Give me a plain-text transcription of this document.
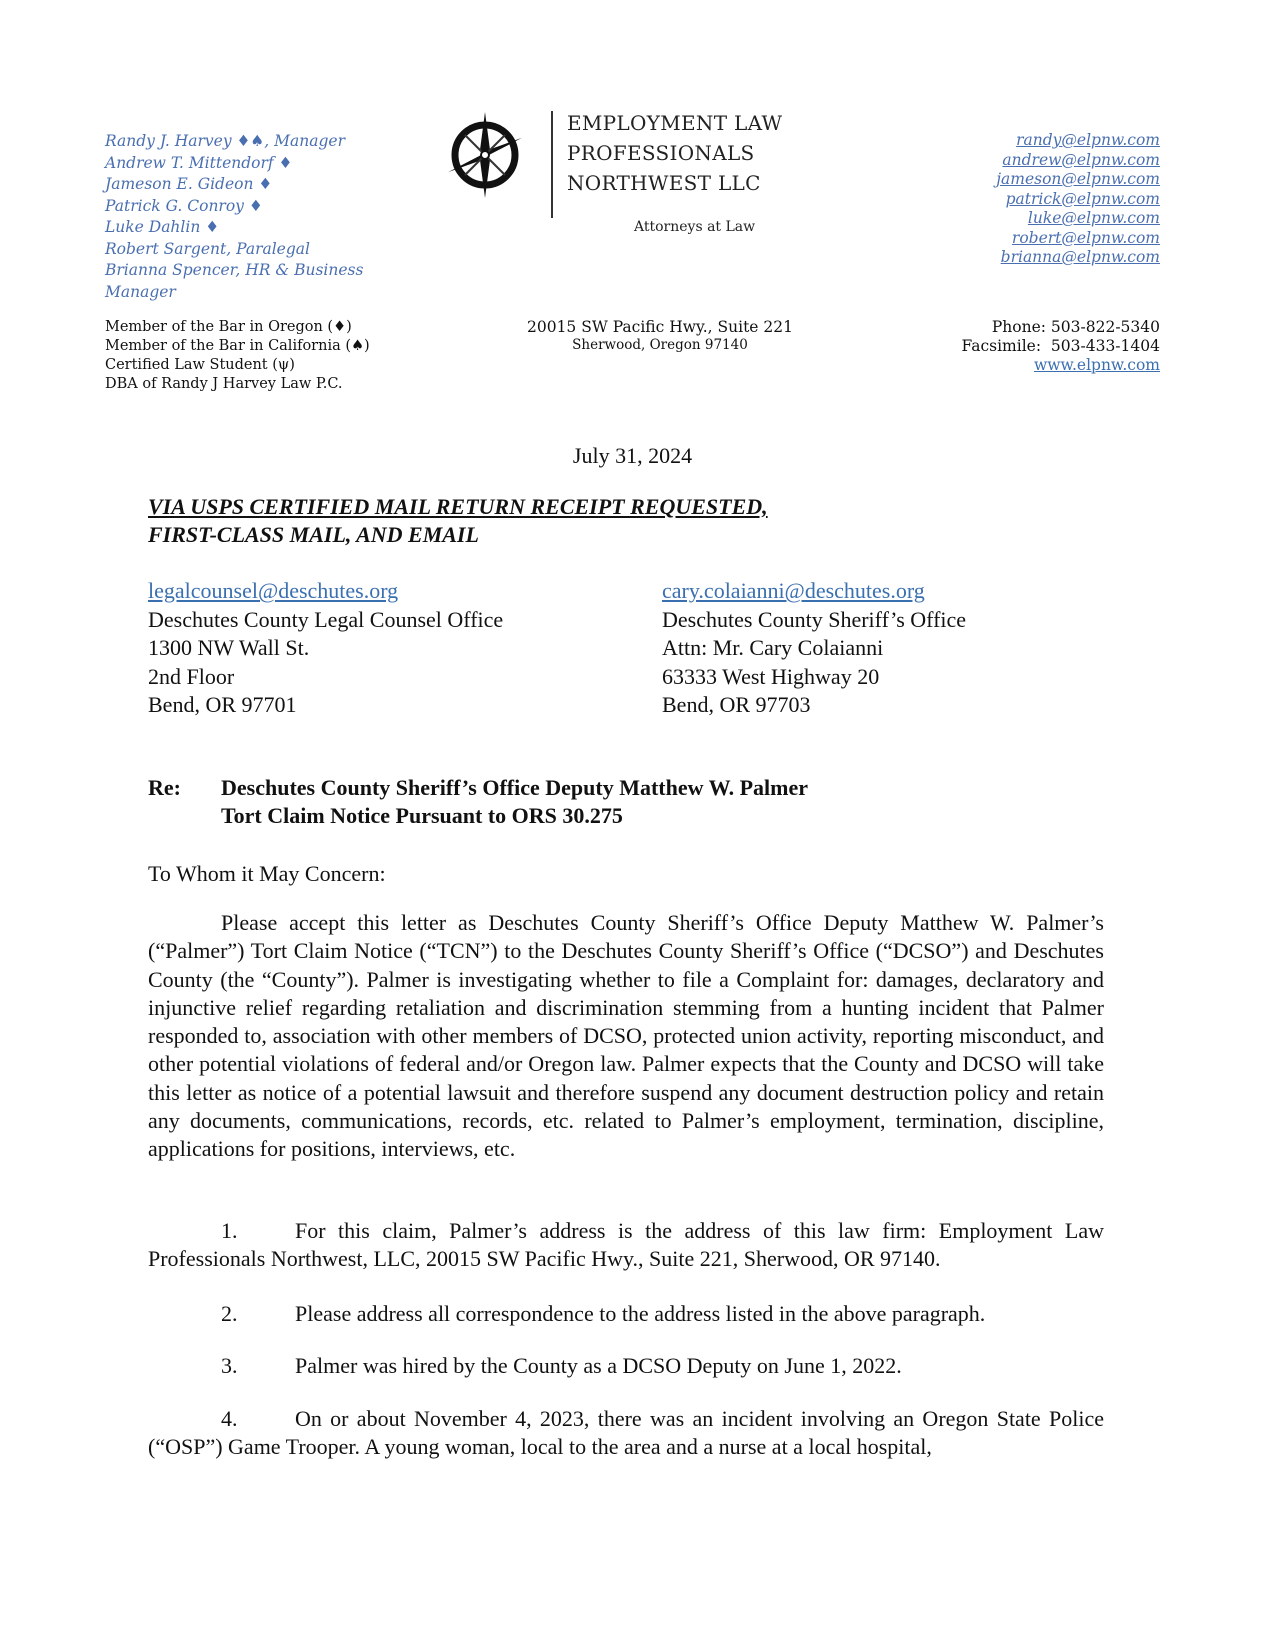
Randy J. Harvey ♦♠, Manager
Andrew T. Mittendorf ♦
Jameson E. Gideon ♦
Patrick G. Conroy ♦
Luke Dahlin ♦
Robert Sargent, Paralegal
Brianna Spencer, HR & Business Manager
EMPLOYMENT LAW
PROFESSIONALS
NORTHWEST LLC
Attorneys at Law
randy@elpnw.com
andrew@elpnw.com
jameson@elpnw.com
patrick@elpnw.com
luke@elpnw.com
robert@elpnw.com
brianna@elpnw.com
Member of the Bar in Oregon (♦)
Member of the Bar in California (♠)
Certified Law Student (ψ)
DBA of Randy J Harvey Law P.C.
20015 SW Pacific Hwy., Suite 221
Sherwood, Oregon 97140
Phone: 503-822-5340
Facsimile:  503-433-1404
www.elpnw.com
July 31, 2024
VIA USPS CERTIFIED MAIL RETURN RECEIPT REQUESTED,
FIRST-CLASS MAIL, AND EMAIL
legalcounsel@deschutes.org
Deschutes County Legal Counsel Office
1300 NW Wall St.
2nd Floor
Bend, OR 97701
cary.colaianni@deschutes.org
Deschutes County Sheriff’s Office
Attn: Mr. Cary Colaianni
63333 West Highway 20
Bend, OR 97703
Re: Deschutes County Sheriff’s Office Deputy Matthew W. Palmer
Tort Claim Notice Pursuant to ORS 30.275
To Whom it May Concern:
Please accept this letter as Deschutes County Sheriff’s Office Deputy Matthew W. Palmer’s (“Palmer”) Tort Claim Notice (“TCN”) to the Deschutes County Sheriff’s Office (“DCSO”) and Deschutes County (the “County”). Palmer is investigating whether to file a Complaint for: damages, declaratory and injunctive relief regarding retaliation and discrimination stemming from a hunting incident that Palmer responded to, association with other members of DCSO, protected union activity, reporting misconduct, and other potential violations of federal and/or Oregon law. Palmer expects that the County and DCSO will take this letter as notice of a potential lawsuit and therefore suspend any document destruction policy and retain any documents, communications, records, etc. related to Palmer’s employment, termination, discipline, applications for positions, interviews, etc.
1.	For this claim, Palmer’s address is the address of this law firm: Employment Law Professionals Northwest, LLC, 20015 SW Pacific Hwy., Suite 221, Sherwood, OR 97140.
2.	Please address all correspondence to the address listed in the above paragraph.
3.	Palmer was hired by the County as a DCSO Deputy on June 1, 2022.
4.	On or about November 4, 2023, there was an incident involving an Oregon State Police (“OSP”) Game Trooper. A young woman, local to the area and a nurse at a local hospital,
